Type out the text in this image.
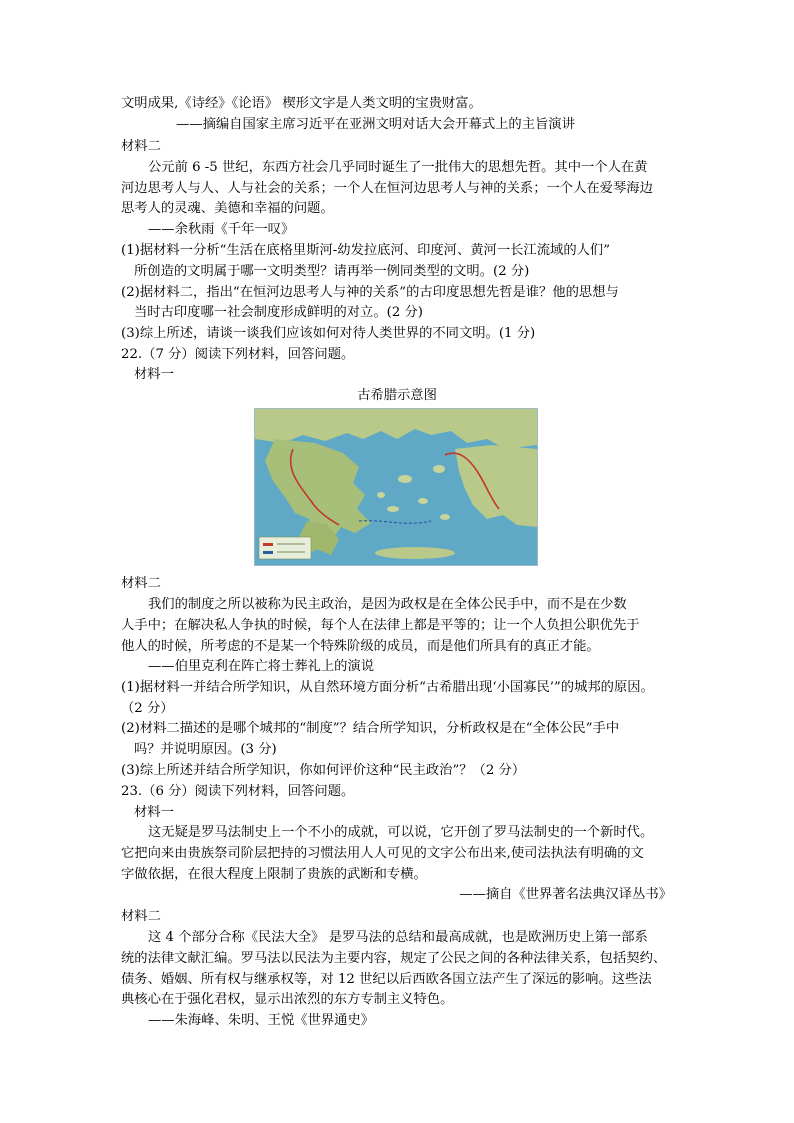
文明成果,《诗经》《论语》 楔形文字是人类文明的宝贵财富。
——摘编自国家主席习近平在亚洲文明对话大会开幕式上的主旨演讲
材料二
公元前 6 -5 世纪，东西方社会几乎同时诞生了一批伟大的思想先哲。其中一个人在黄
河边思考人与人、人与社会的关系；一个人在恒河边思考人与神的关系；一个人在爱琴海边
思考人的灵魂、美德和幸福的问题。
——余秋雨《千年一叹》
(1)据材料一分析“生活在底格里斯河-幼发拉底河、印度河、黄河一长江流域的人们”
所创造的文明属于哪一文明类型？请再举一例同类型的文明。(2 分)
(2)据材料二，指出“在恒河边思考人与神的关系”的古印度思想先哲是谁？他的思想与
当时古印度哪一社会制度形成鲜明的对立。(2 分)
(3)综上所述，请谈一谈我们应该如何对待人类世界的不同文明。(1 分)
22.（7 分）阅读下列材料，回答问题。
材料一
古希腊示意图
材料二
我们的制度之所以被称为民主政治，是因为政权是在全体公民手中，而不是在少数
人手中；在解决私人争执的时候，每个人在法律上都是平等的；让一个人负担公职优先于
他人的时候，所考虑的不是某一个特殊阶级的成员，而是他们所具有的真正才能。
——伯里克利在阵亡将士葬礼上的演说
(1)据材料一并结合所学知识，从自然环境方面分析“古希腊出现‘小国寡民’”的城邦的原因。
（2 分）
(2)材料二描述的是哪个城邦的“制度”？结合所学知识，分析政权是在“全体公民”手中
吗？并说明原因。(3 分)
(3)综上所述并结合所学知识，你如何评价这种“民主政治”？（2 分）
23.（6 分）阅读下列材料，回答问题。
材料一
这无疑是罗马法制史上一个不小的成就，可以说，它开创了罗马法制史的一个新时代。
它把向来由贵族祭司阶层把持的习惯法用人人可见的文字公布出来,使司法执法有明确的文
字做依据，在很大程度上限制了贵族的武断和专横。
——摘自《世界著名法典汉译丛书》
材料二
这 4 个部分合称《民法大全》 是罗马法的总结和最高成就，也是欧洲历史上第一部系
统的法律文献汇编。罗马法以民法为主要内容，规定了公民之间的各种法律关系，包括契约、
债务、婚姻、所有权与继承权等，对 12 世纪以后西欧各国立法产生了深远的影响。这些法
典核心在于强化君权，显示出浓烈的东方专制主义特色。
——朱海峰、朱明、王悦《世界通史》
